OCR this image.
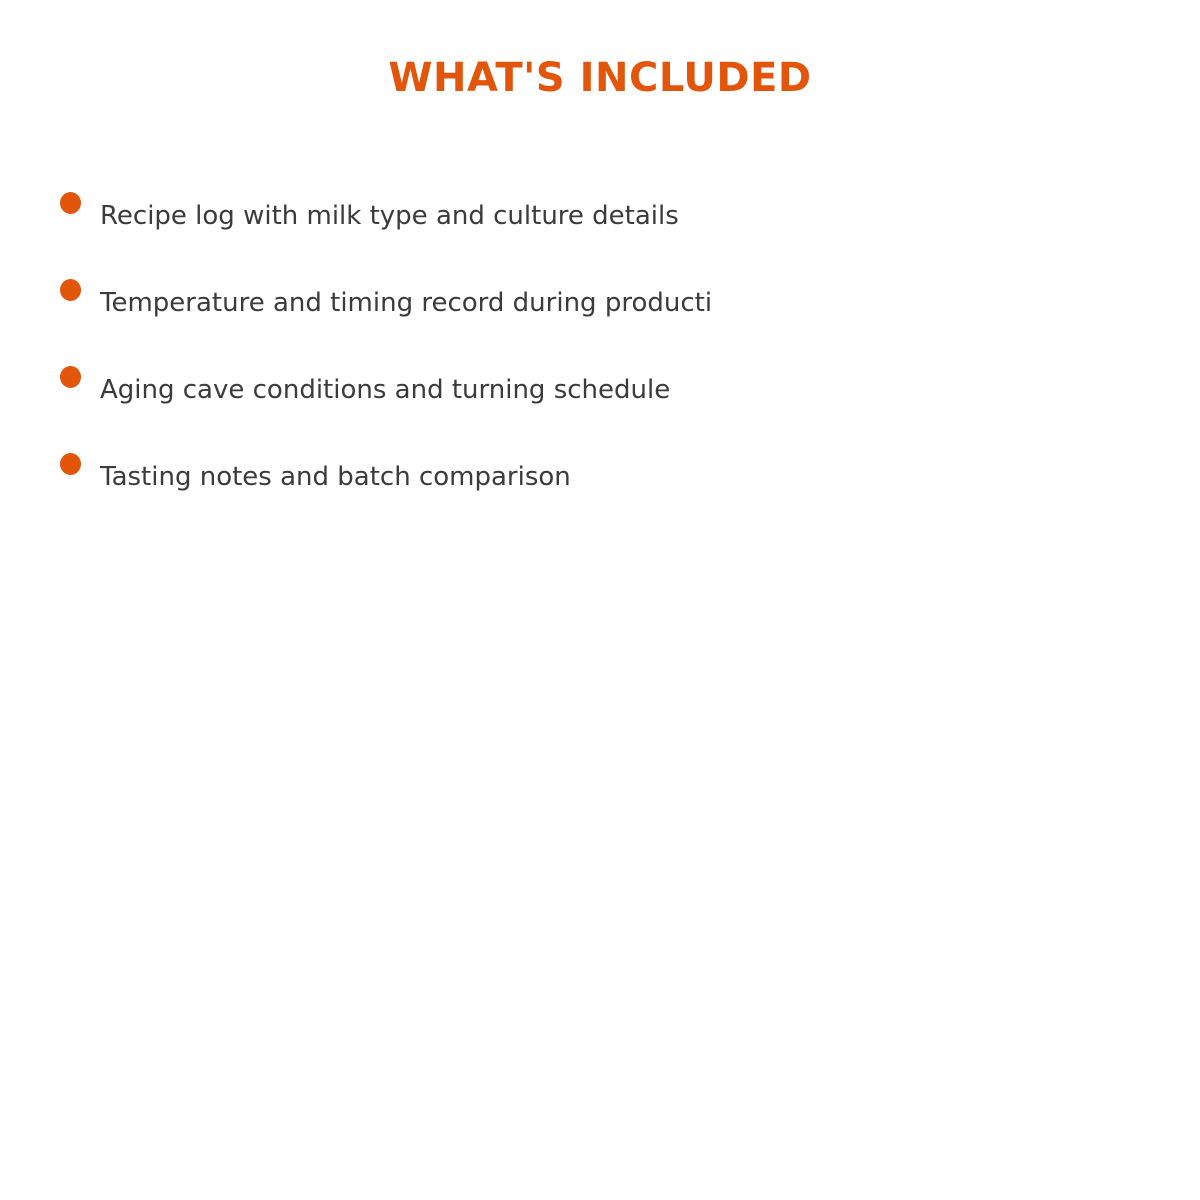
WHAT'S INCLUDED
Recipe log with milk type and culture details
Temperature and timing record during producti
Aging cave conditions and turning schedule
Tasting notes and batch comparison
